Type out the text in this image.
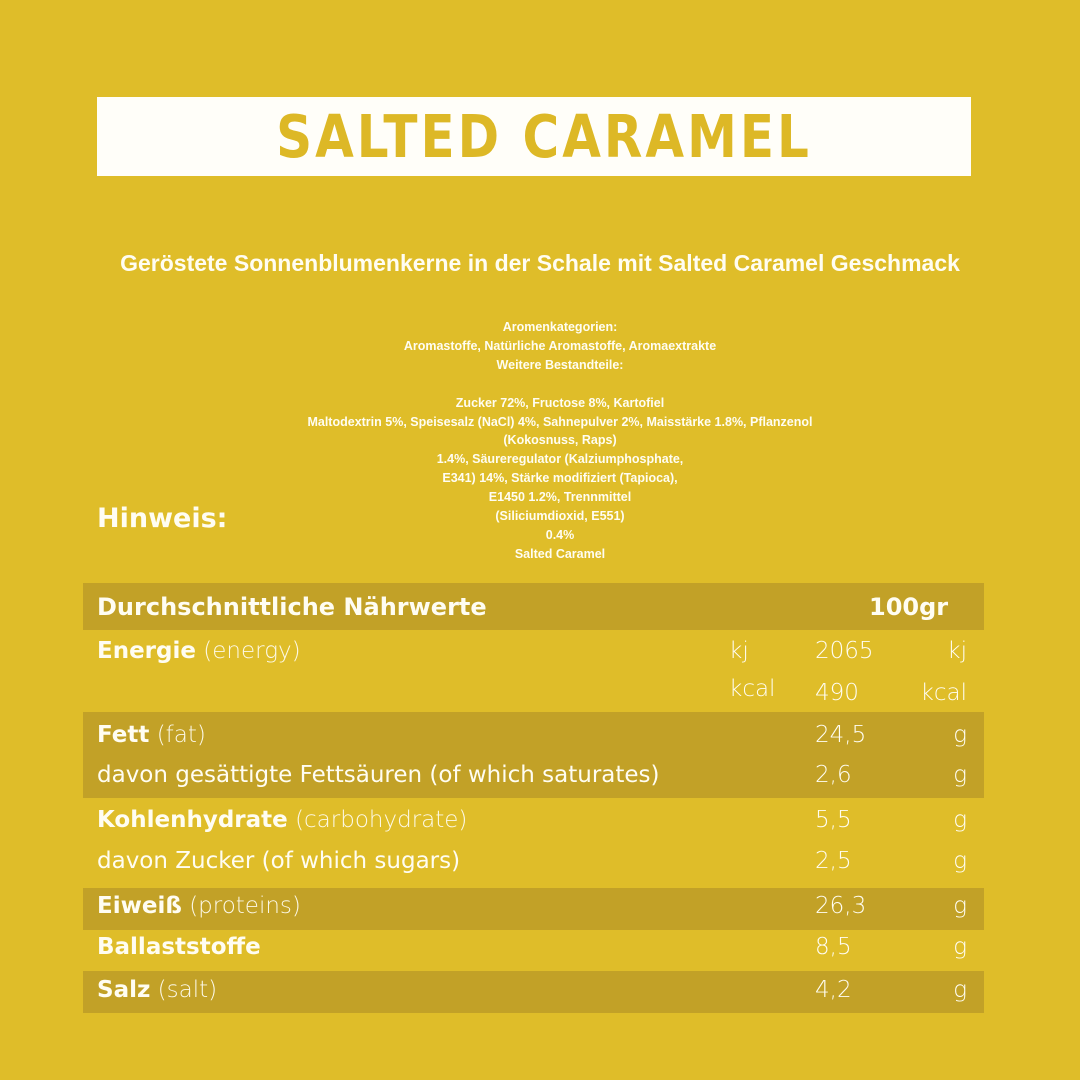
SALTED CARAMEL
Geröstete Sonnenblumenkerne in der Schale mit Salted Caramel Geschmack
Aromenkategorien:
Aromastoffe, Natürliche Aromastoffe, Aromaextrakte
Weitere Bestandteile:
Zucker 72%, Fructose 8%, Kartofiel
Maltodextrin 5%, Speisesalz (NaCl) 4%, Sahnepulver 2%, Maisstärke 1.8%, Pflanzenol
(Kokosnuss, Raps)
1.4%, Säureregulator (Kalziumphosphate,
E341) 14%, Stärke modifiziert (Tapioca),
E1450 1.2%, Trennmittel
(Siliciumdioxid, E551)
0.4%
Salted Caramel
Hinweis:
Durchschnittliche Nährwerte	100gr
Energie (energy)	kj	2065	kj
kcal 490	kcal
Fett (fat)	24,5	g
davon gesättigte Fettsäuren (of which saturates)	2,6	g
Kohlenhydrate (carbohydrate)	5,5	g
davon Zucker (of which sugars)	2,5	g
Eiweiß (proteins)	26,3	g
Ballaststoffe	8,5	g
Salz (salt)	4,2	g
